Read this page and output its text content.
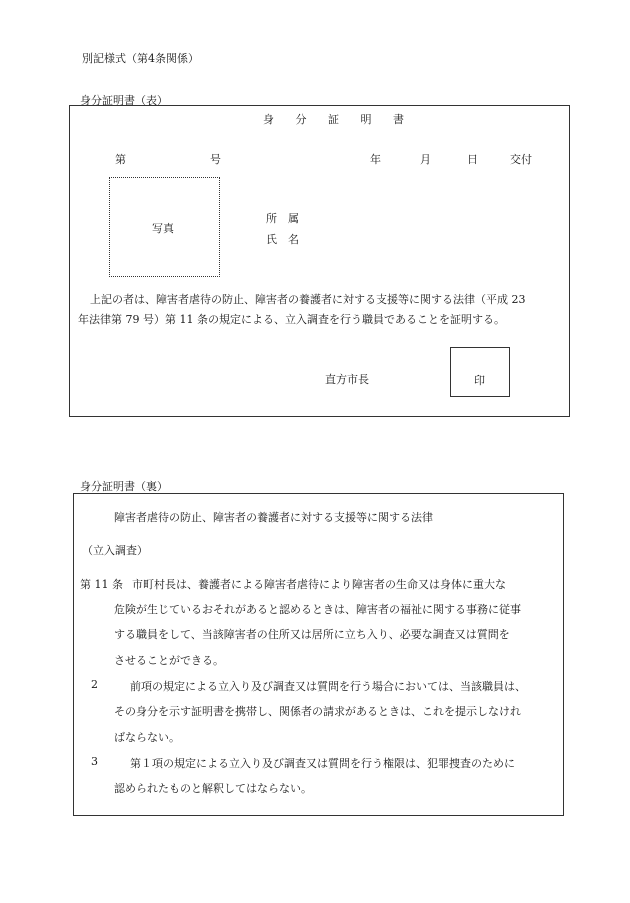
別記様式（第4条関係）
身分証明書（表）
身 分 証 明 書
第	号	年	月	日	交付
写真
所　属
氏　名
上記の者は、障害者虐待の防止、障害者の養護者に対する支援等に関する法律（平成 23
年法律第 79 号）第 11 条の規定による、立入調査を行う職員であることを証明する。
直方市長	印
身分証明書（裏）
障害者虐待の防止、障害者の養護者に対する支援等に関する法律
（立入調査）
第 11 条 市町村長は、養護者による障害者虐待により障害者の生命又は身体に重大な
危険が生じているおそれがあると認めるときは、障害者の福祉に関する事務に従事
する職員をして、当該障害者の住所又は居所に立ち入り、必要な調査又は質問を
させることができる。
2	前項の規定による立入り及び調査又は質問を行う場合においては、当該職員は、
その身分を示す証明書を携帯し、関係者の請求があるときは、これを提示しなけれ
ばならない。
3	第１項の規定による立入り及び調査又は質問を行う権限は、犯罪捜査のために
認められたものと解釈してはならない。
